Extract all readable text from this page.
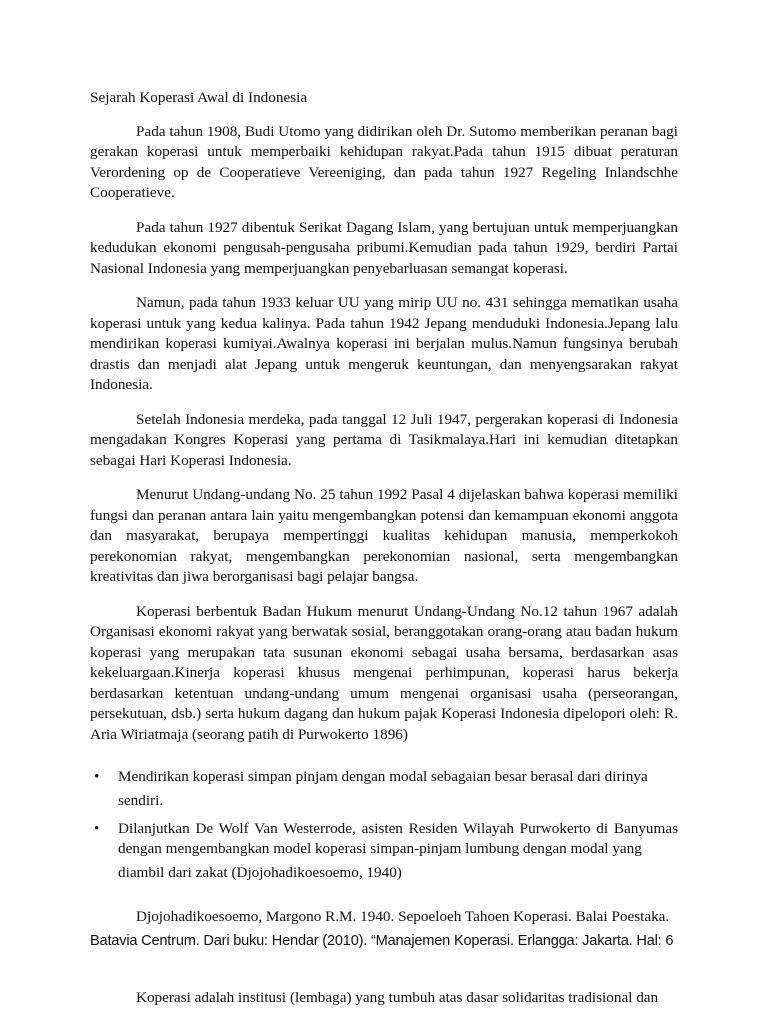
Sejarah Koperasi Awal di Indonesia

Pada tahun 1908, Budi Utomo yang didirikan oleh Dr. Sutomo memberikan peranan bagi gerakan koperasi untuk memperbaiki kehidupan rakyat.Pada tahun 1915 dibuat peraturan Verordening op de Cooperatieve Vereeniging, dan pada tahun 1927 Regeling Inlandschhe Cooperatieve.

Pada tahun 1927 dibentuk Serikat Dagang Islam, yang bertujuan untuk memperjuangkan kedudukan ekonomi pengusah-pengusaha pribumi.Kemudian pada tahun 1929, berdiri Partai Nasional Indonesia yang memperjuangkan penyebarluasan semangat koperasi.

Namun, pada tahun 1933 keluar UU yang mirip UU no. 431 sehingga mematikan usaha koperasi untuk yang kedua kalinya. Pada tahun 1942 Jepang menduduki Indonesia.Jepang lalu mendirikan koperasi kumiyai.Awalnya koperasi ini berjalan mulus.Namun fungsinya berubah drastis dan menjadi alat Jepang untuk mengeruk keuntungan, dan menyengsarakan rakyat Indonesia.

Setelah Indonesia merdeka, pada tanggal 12 Juli 1947, pergerakan koperasi di Indonesia mengadakan Kongres Koperasi yang pertama di Tasikmalaya.Hari ini kemudian ditetapkan sebagai Hari Koperasi Indonesia.

Menurut Undang-undang No. 25 tahun 1992 Pasal 4 dijelaskan bahwa koperasi memiliki fungsi dan peranan antara lain yaitu mengembangkan potensi dan kemampuan ekonomi anggota dan masyarakat, berupaya mempertinggi kualitas kehidupan manusia, memperkokoh perekonomian rakyat, mengembangkan perekonomian nasional, serta mengembangkan kreativitas dan jiwa berorganisasi bagi pelajar bangsa.

Koperasi berbentuk Badan Hukum menurut Undang-Undang No.12 tahun 1967 adalah Organisasi ekonomi rakyat yang berwatak sosial, beranggotakan orang-orang atau badan hukum koperasi yang merupakan tata susunan ekonomi sebagai usaha bersama, berdasarkan asas kekeluargaan.Kinerja koperasi khusus mengenai perhimpunan, koperasi harus bekerja berdasarkan ketentuan undang-undang umum mengenai organisasi usaha (perseorangan, persekutuan, dsb.) serta hukum dagang dan hukum pajak Koperasi Indonesia dipelopori oleh: R. Aria Wiriatmaja (seorang patih di Purwokerto 1896)

• Mendirikan koperasi simpan pinjam dengan modal sebagaian besar berasal dari dirinya
sendiri.
• Dilanjutkan De Wolf Van Westerrode, asisten Residen Wilayah Purwokerto di Banyumas dengan mengembangkan model koperasi simpan-pinjam lumbung dengan modal yang
diambil dari zakat (Djojohadikoesoemo, 1940)

Djojohadikoesoemo, Margono R.M. 1940. Sepoeloeh Tahoen Koperasi. Balai Poestaka.

Batavia Centrum. Dari buku: Hendar (2010). “Manajemen Koperasi. Erlangga: Jakarta. Hal: 6

Koperasi adalah institusi (lembaga) yang tumbuh atas dasar solidaritas tradisional dan
